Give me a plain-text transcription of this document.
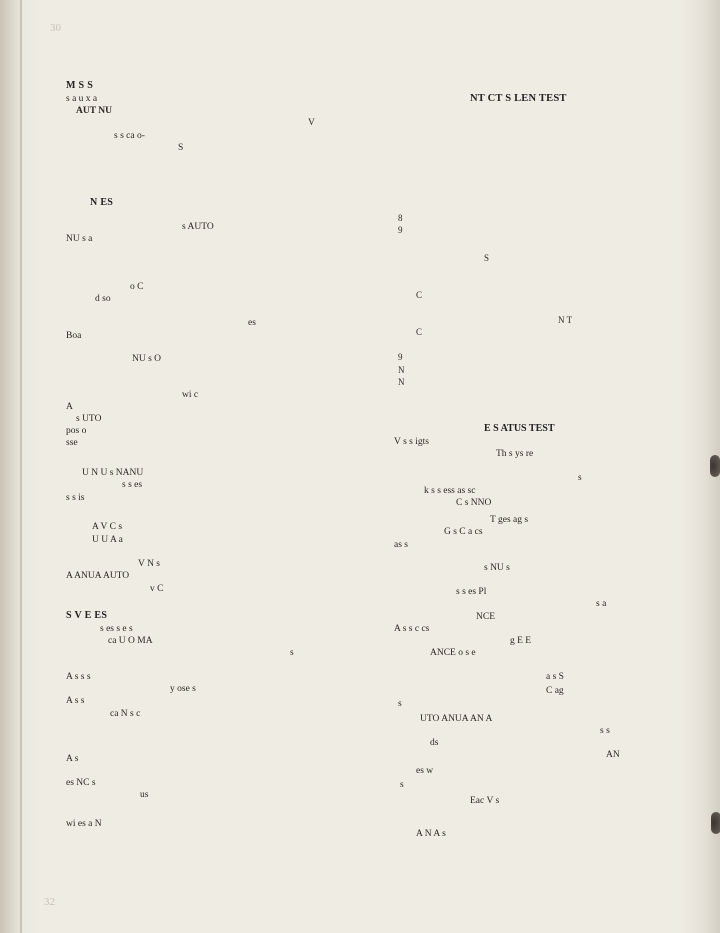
30
32
M S S
s a u x a
AUT NU
V
s s ca o-
S
N ES
s AUTO
NU s a
o C
d so
es
Boa
NU s O
wi c
A
s UTO
pos o
sse
U N U s NANU
s s es
s s is
A V C s
U U A a
V N s
A ANUA AUTO
v C
S V E ES
s es s e s
ca U O MA
s
A s s s
y ose s
A s s
ca N s c
A s
es NC s
us
wi es a N
NT CT S LEN TEST
8
9
S
C
N T
C
9
N
N
E S ATUS TEST
V s s igts
Th s ys re
s
k s s ess as sc
C s NNO
T ges ag s
G s C a cs
as s
s NU s
s s es Pl
s a
NCE
A s s c cs
g E E
ANCE o s e
a s S
C ag
s
UTO ANUA AN A
s s
ds
AN
es w
s
Eac V s
A N A s
